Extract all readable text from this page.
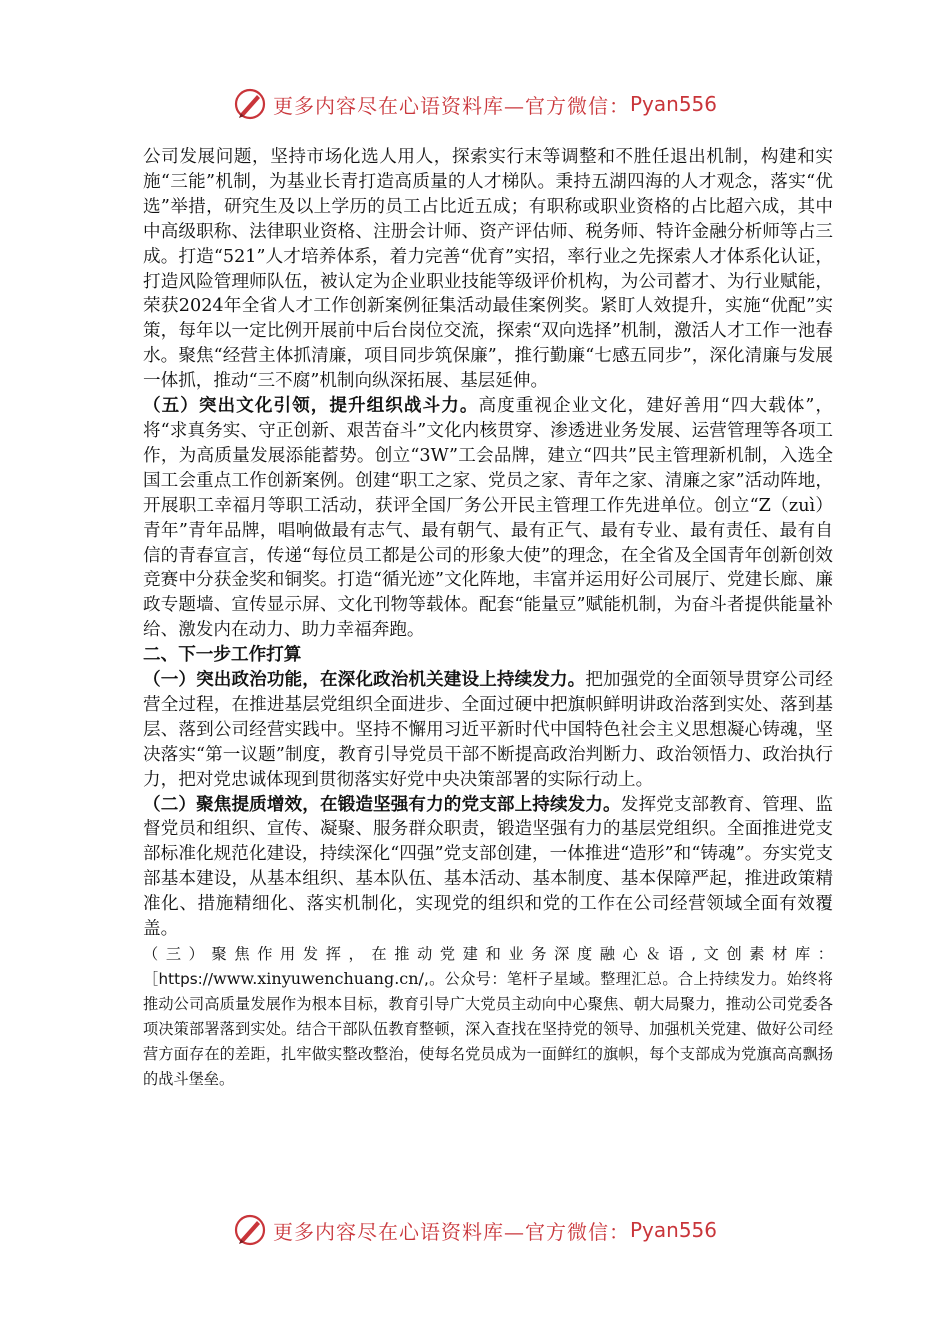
更多内容尽在心语资料库—官方微信： Pyan556

公司发展问题，坚持市场化选人用人，探索实行末等调整和不胜任退出机制，构建和实施“三能”机制，为基业长青打造高质量的人才梯队。秉持五湖四海的人才观念，落实“优选”举措，研究生及以上学历的员工占比近五成；有职称或职业资格的占比超六成，其中中高级职称、法律职业资格、注册会计师、资产评估师、税务师、特许金融分析师等占三成。打造“521”人才培养体系，着力完善“优育”实招，率行业之先探索人才体系化认证，打造风险管理师队伍，被认定为企业职业技能等级评价机构，为公司蓄才、为行业赋能，荣获2024年全省人才工作创新案例征集活动最佳案例奖。紧盯人效提升，实施“优配”实策，每年以一定比例开展前中后台岗位交流，探索“双向选择”机制，激活人才工作一池春水。聚焦“经营主体抓清廉，项目同步筑保廉”，推行勤廉“七感五同步”，深化清廉与发展一体抓，推动“三不腐”机制向纵深拓展、基层延伸。

（五）突出文化引领，提升组织战斗力。高度重视企业文化，建好善用“四大载体”，将“求真务实、守正创新、艰苦奋斗”文化内核贯穿、渗透进业务发展、运营管理等各项工作，为高质量发展添能蓄势。创立“3W”工会品牌，建立“四共”民主管理新机制，入选全国工会重点工作创新案例。创建“职工之家、党员之家、青年之家、清廉之家”活动阵地，开展职工幸福月等职工活动，获评全国厂务公开民主管理工作先进单位。创立“Z（zuì）青年”青年品牌，唱响做最有志气、最有朝气、最有正气、最有专业、最有责任、最有自信的青春宣言，传递“每位员工都是公司的形象大使”的理念，在全省及全国青年创新创效竞赛中分获金奖和铜奖。打造“循光迹”文化阵地，丰富并运用好公司展厅、党建长廊、廉政专题墙、宣传显示屏、文化刊物等载体。配套“能量豆”赋能机制，为奋斗者提供能量补给、激发内在动力、助力幸福奔跑。

二、下一步工作打算

（一）突出政治功能，在深化政治机关建设上持续发力。把加强党的全面领导贯穿公司经营全过程，在推进基层党组织全面进步、全面过硬中把旗帜鲜明讲政治落到实处、落到基层、落到公司经营实践中。坚持不懈用习近平新时代中国特色社会主义思想凝心铸魂，坚决落实“第一议题”制度，教育引导党员干部不断提高政治判断力、政治领悟力、政治执行力，把对党忠诚体现到贯彻落实好党中央决策部署的实际行动上。

（二）聚焦提质增效，在锻造坚强有力的党支部上持续发力。发挥党支部教育、管理、监督党员和组织、宣传、凝聚、服务群众职责，锻造坚强有力的基层党组织。全面推进党支部标准化规范化建设，持续深化“四强”党支部创建，一体推进“造形”和“铸魂”。夯实党支部基本建设，从基本组织、基本队伍、基本活动、基本制度、基本保障严起，推进政策精准化、措施精细化、落实机制化，实现党的组织和党的工作在公司经营领域全面有效覆盖。

（三）聚焦作用发挥，在推动党建和业务深度融心＆语,文创素材库：［https://www.xinyuwenchuang.cn/,。公众号：笔杆子星域。整理汇总。合上持续发力。始终将推动公司高质量发展作为根本目标，教育引导广大党员主动向中心聚焦、朝大局聚力，推动公司党委各项决策部署落到实处。结合干部队伍教育整顿，深入查找在坚持党的领导、加强机关党建、做好公司经营方面存在的差距，扎牢做实整改整治，使每名党员成为一面鲜红的旗帜，每个支部成为党旗高高飘扬的战斗堡垒。

更多内容尽在心语资料库—官方微信： Pyan556
